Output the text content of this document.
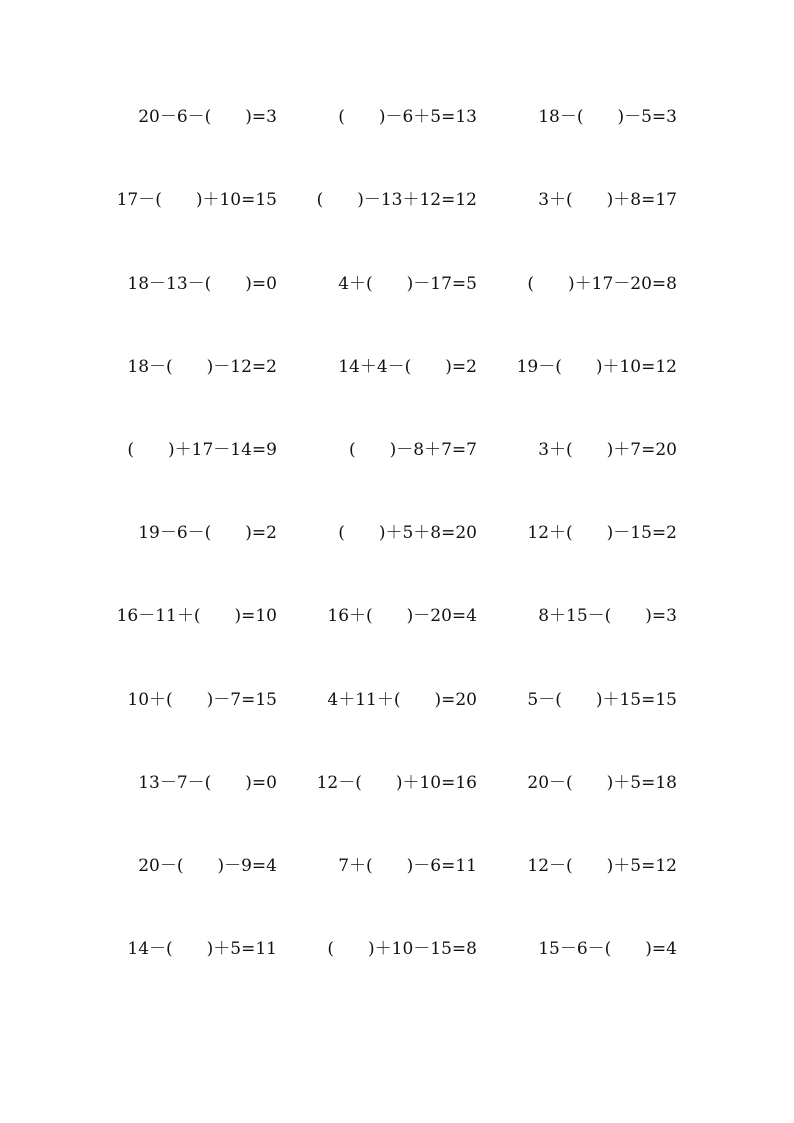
20－6－(　　)=3	(　　)－6＋5=13	18－(　　)－5=3
17－(　　)＋10=15	(　　)－13＋12=12	3＋(　　)＋8=17
18－13－(　　)=0	4＋(　　)－17=5	(　　)＋17－20=8
18－(　　)－12=2	14＋4－(　　)=2	19－(　　)＋10=12
(　　)＋17－14=9	(　　)－8＋7=7	3＋(　　)＋7=20
19－6－(　　)=2	(　　)＋5＋8=20	12＋(　　)－15=2
16－11＋(　　)=10	16＋(　　)－20=4	8＋15－(　　)=3
10＋(　　)－7=15	4＋11＋(　　)=20	5－(　　)＋15=15
13－7－(　　)=0	12－(　　)＋10=16	20－(　　)＋5=18
20－(　　)－9=4	7＋(　　)－6=11	12－(　　)＋5=12
14－(　　)＋5=11	(　　)＋10－15=8	15－6－(　　)=4
